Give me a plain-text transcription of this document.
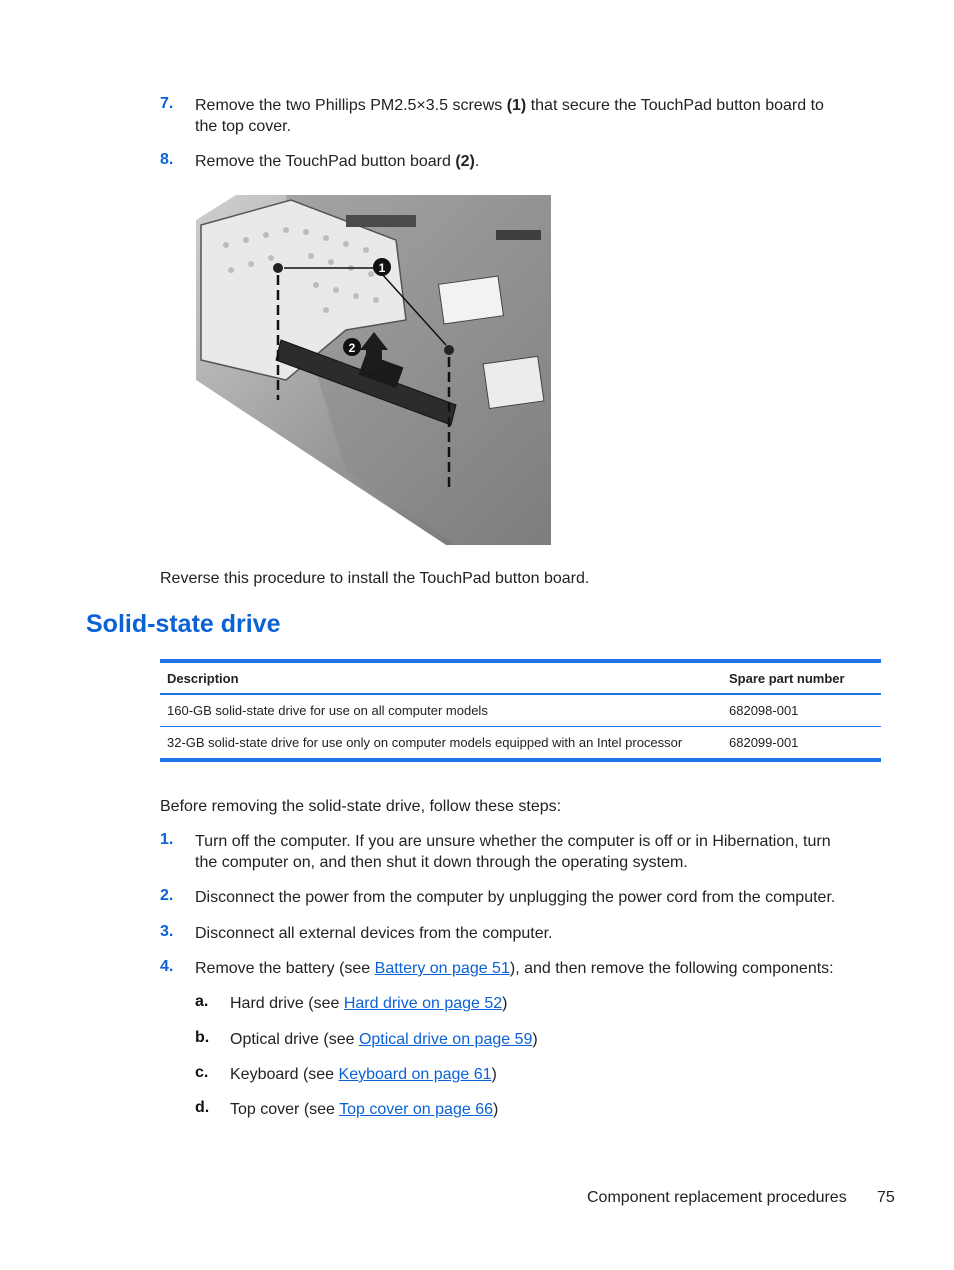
7. Remove the two Phillips PM2.5×3.5 screws (1) that secure the TouchPad button board to
the top cover.
8. Remove the TouchPad button board (2).
1
2
Reverse this procedure to install the TouchPad button board.
Solid-state drive
Description	Spare part number
160-GB solid-state drive for use on all computer models	682098-001
32-GB solid-state drive for use only on computer models equipped with an Intel processor	682099-001
Before removing the solid-state drive, follow these steps:
1. Turn off the computer. If you are unsure whether the computer is off or in Hibernation, turn
the computer on, and then shut it down through the operating system.
2. Disconnect the power from the computer by unplugging the power cord from the computer.
3. Disconnect all external devices from the computer.
4. Remove the battery (see Battery on page 51), and then remove the following components:
a. Hard drive (see Hard drive on page 52)
b. Optical drive (see Optical drive on page 59)
c. Keyboard (see Keyboard on page 61)
d. Top cover (see Top cover on page 66)
Component replacement procedures 75
